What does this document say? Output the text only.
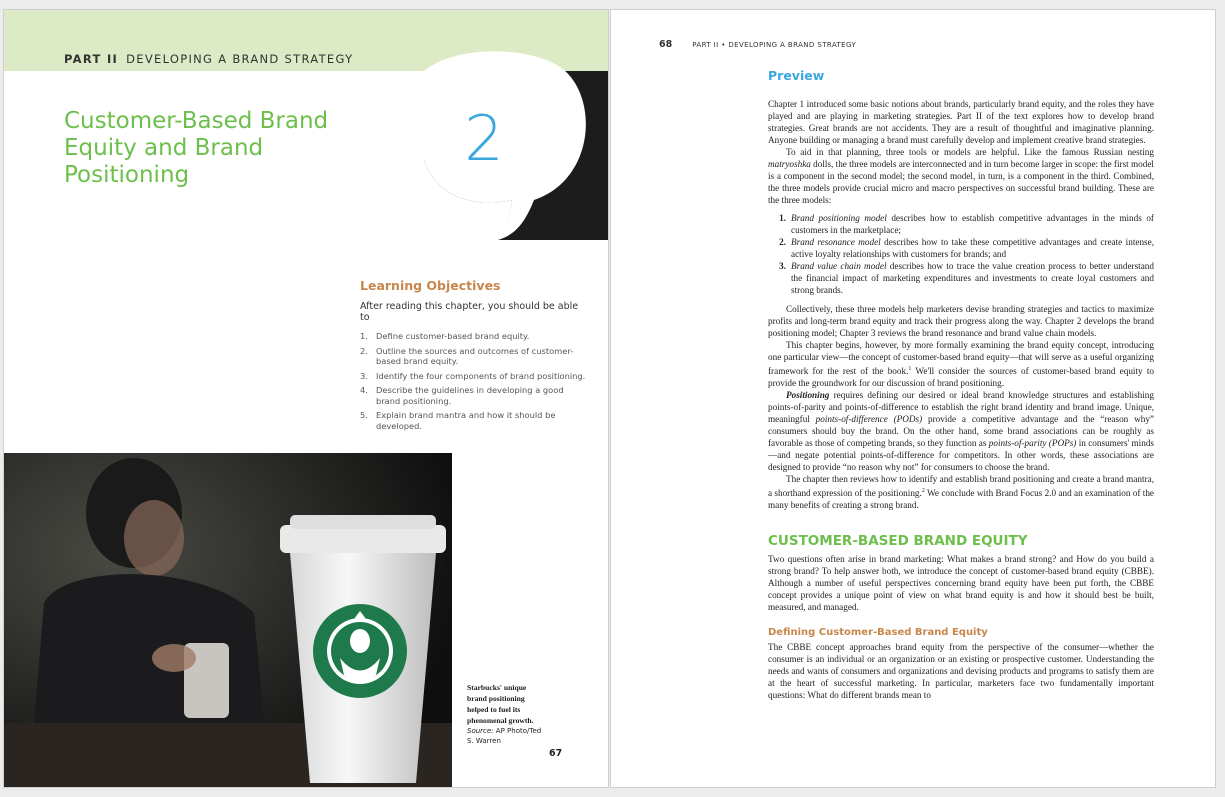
PART II DEVELOPING A BRAND STRATEGY
2
Customer-Based Brand
Equity and Brand
Positioning
Learning Objectives
After reading this chapter, you should be able to
1. Define customer-based brand equity.
2. Outline the sources and outcomes of customer-based brand equity.
3. Identify the four components of brand positioning.
4. Describe the guidelines in developing a good brand positioning.
5. Explain brand mantra and how it should be developed.
Starbucks' unique brand positioning helped to fuel its phenomenal growth.
Source: AP Photo/Ted S. Warren
67
68	PART II • DEVELOPING A BRAND STRATEGY
Preview

Chapter 1 introduced some basic notions about brands, particularly brand equity, and the roles they have played and are playing in marketing strategies. Part II of the text explores how to develop brand strategies. Great brands are not accidents. They are a result of thoughtful and imaginative planning. Anyone building or managing a brand must carefully develop and implement creative brand strategies.

To aid in that planning, three tools or models are helpful. Like the famous Russian nesting matryoshka dolls, the three models are interconnected and in turn become larger in scope: the first model is a component in the second model; the second model, in turn, is a component in the third. Combined, the three models provide crucial micro and macro perspectives on successful brand building. These are the three models:

1. Brand positioning model describes how to establish competitive advantages in the minds of customers in the marketplace;
2. Brand resonance model describes how to take these competitive advantages and create intense, active loyalty relationships with customers for brands; and
3. Brand value chain model describes how to trace the value creation process to better understand the financial impact of marketing expenditures and investments to create loyal customers and strong brands.

Collectively, these three models help marketers devise branding strategies and tactics to maximize profits and long-term brand equity and track their progress along the way. Chapter 2 develops the brand positioning model; Chapter 3 reviews the brand resonance and brand value chain models.

This chapter begins, however, by more formally examining the brand equity concept, introducing one particular view—the concept of customer-based brand equity—that will serve as a useful organizing framework for the rest of the book.$^1$ We'll consider the sources of customer-based brand equity to provide the groundwork for our discussion of brand positioning.

Positioning requires defining our desired or ideal brand knowledge structures and establishing points-of-parity and points-of-difference to establish the right brand identity and brand image. Unique, meaningful points-of-difference (PODs) provide a competitive advantage and the “reason why” consumers should buy the brand. On the other hand, some brand associations can be roughly as favorable as those of competing brands, so they function as points-of-parity (POPs) in consumers' minds—and negate potential points-of-difference for competitors. In other words, these associations are designed to provide “no reason why not” for consumers to choose the brand.

The chapter then reviews how to identify and establish brand positioning and create a brand mantra, a shorthand expression of the positioning.$^2$ We conclude with Brand Focus 2.0 and an examination of the many benefits of creating a strong brand.

CUSTOMER-BASED BRAND EQUITY

Two questions often arise in brand marketing: What makes a brand strong? and How do you build a strong brand? To help answer both, we introduce the concept of customer-based brand equity (CBBE). Although a number of useful perspectives concerning brand equity have been put forth, the CBBE concept provides a unique point of view on what brand equity is and how it should best be built, measured, and managed.

Defining Customer-Based Brand Equity

The CBBE concept approaches brand equity from the perspective of the consumer—whether the consumer is an individual or an organization or an existing or prospective customer. Understanding the needs and wants of consumers and organizations and devising products and programs to satisfy them are at the heart of successful marketing. In particular, marketers face two fundamentally important questions: What do different brands mean to
